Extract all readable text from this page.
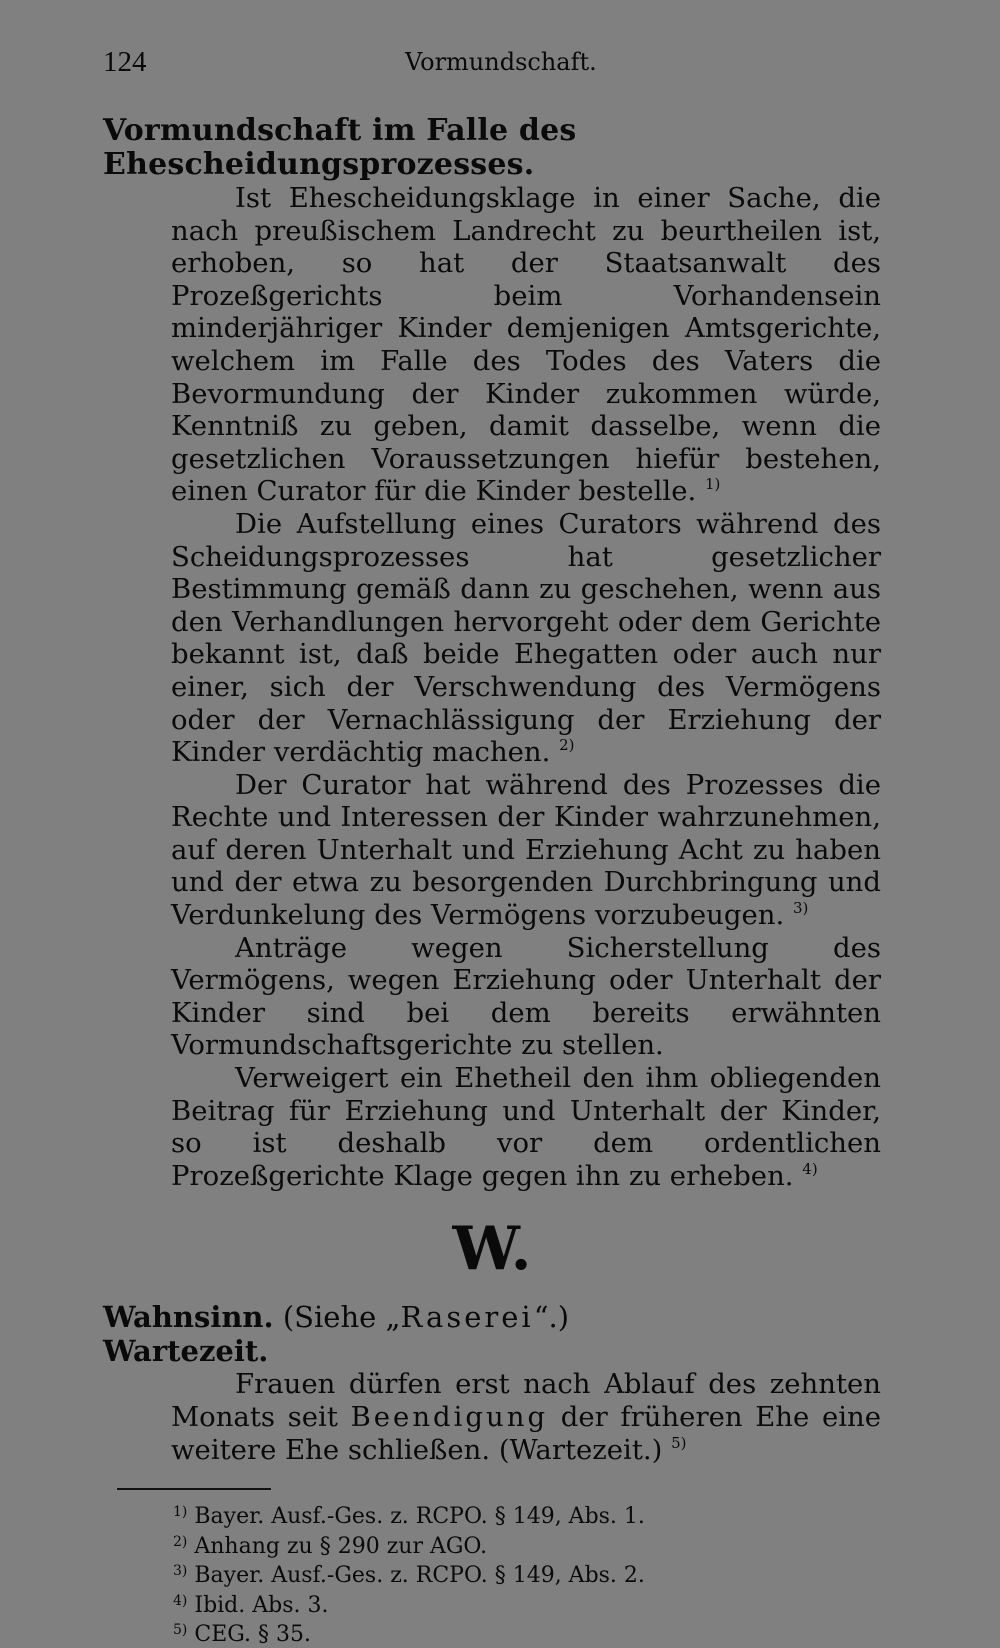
124	Vormundschaft.
Vormundschaft im Falle des Ehescheidungsprozesses.

Ist Ehescheidungsklage in einer Sache, die nach preußischem Landrecht zu beurtheilen ist, erhoben, so hat der Staatsanwalt des Prozeßgerichts beim Vorhandensein minderjähriger Kinder demjenigen Amtsgerichte, welchem im Falle des Todes des Vaters die Bevormundung der Kinder zukommen würde, Kenntniß zu geben, damit dasselbe, wenn die gesetzlichen Voraussetzungen hiefür bestehen, einen Curator für die Kinder bestelle. $^{1)}$

Die Aufstellung eines Curators während des Scheidungsprozesses hat gesetzlicher Bestimmung gemäß dann zu geschehen, wenn aus den Verhandlungen hervorgeht oder dem Gerichte bekannt ist, daß beide Ehegatten oder auch nur einer, sich der Verschwendung des Vermögens oder der Vernachlässigung der Erziehung der Kinder verdächtig machen. $^{2)}$

Der Curator hat während des Prozesses die Rechte und Interessen der Kinder wahrzunehmen, auf deren Unterhalt und Erziehung Acht zu haben und der etwa zu besorgenden Durchbringung und Verdunkelung des Vermögens vorzubeugen. $^{3)}$

Anträge wegen Sicherstellung des Vermögens, wegen Erziehung oder Unterhalt der Kinder sind bei dem bereits erwähnten Vormundschaftsgerichte zu stellen.

Verweigert ein Ehetheil den ihm obliegenden Beitrag für Erziehung und Unterhalt der Kinder, so ist deshalb vor dem ordentlichen Prozeßgerichte Klage gegen ihn zu erheben. $^{4)}$

W.

Wahnsinn. (Siehe „Raserei“.)

Wartezeit.

Frauen dürfen erst nach Ablauf des zehnten Monats seit Beendigung der früheren Ehe eine weitere Ehe schließen. (Wartezeit.) $^{5)}$

$^{1)}$ Bayer. Ausf.-Ges. z. RCPO. § 149, Abs. 1.

$^{2)}$ Anhang zu § 290 zur AGO.

$^{3)}$ Bayer. Ausf.-Ges. z. RCPO. § 149, Abs. 2.

$^{4)}$ Ibid. Abs. 3.

$^{5)}$ CEG. § 35.
